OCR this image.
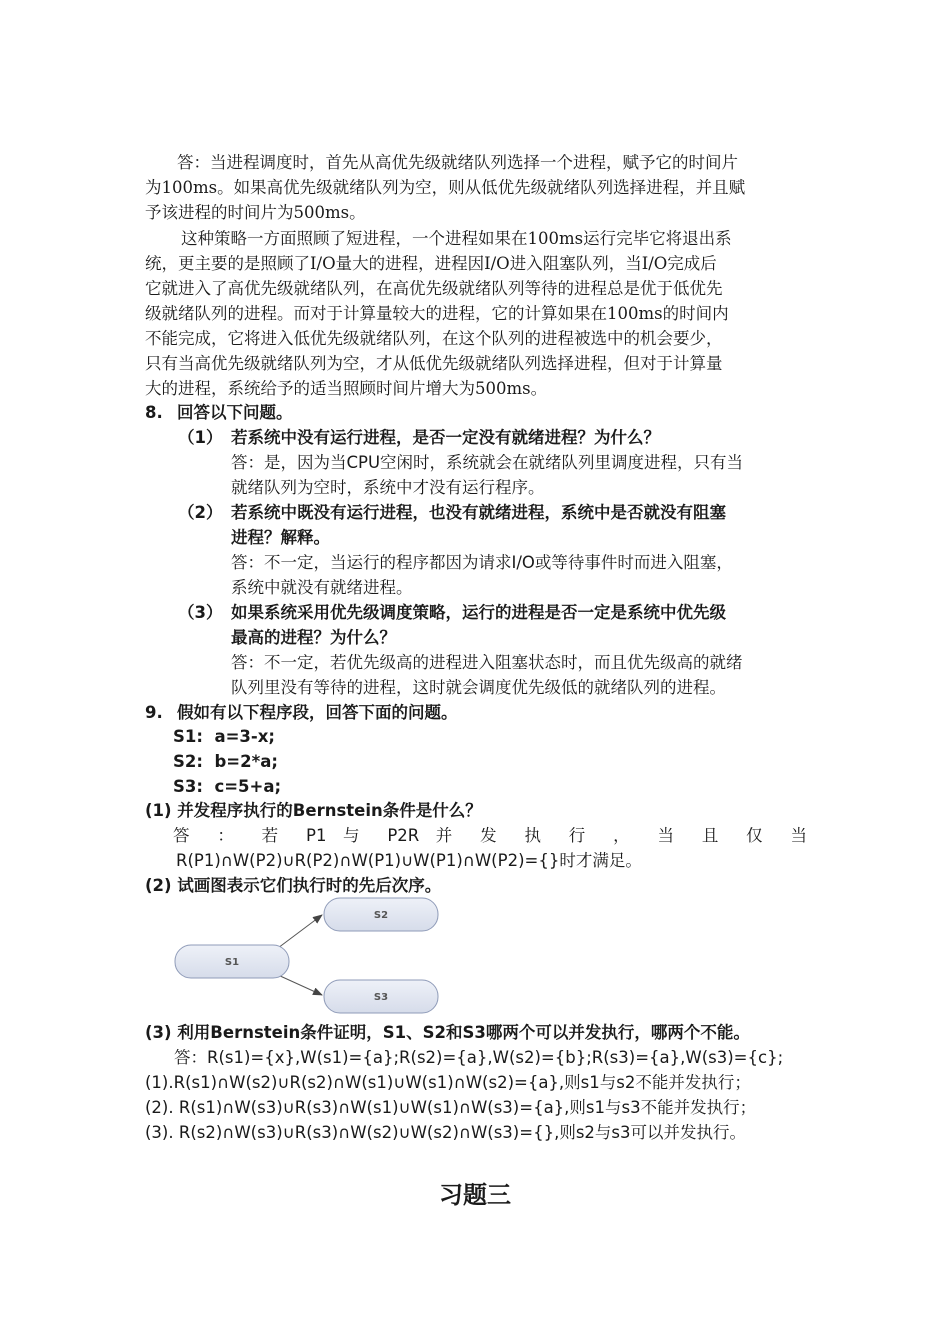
答：当进程调度时，首先从高优先级就绪队列选择一个进程，赋予它的时间片
为100ms。如果高优先级就绪队列为空，则从低优先级就绪队列选择进程，并且赋
予该进程的时间片为500ms。
这种策略一方面照顾了短进程，一个进程如果在100ms运行完毕它将退出系
统，更主要的是照顾了I/O量大的进程，进程因I/O进入阻塞队列，当I/O完成后
它就进入了高优先级就绪队列，在高优先级就绪队列等待的进程总是优于低优先
级就绪队列的进程。而对于计算量较大的进程，它的计算如果在100ms的时间内
不能完成，它将进入低优先级就绪队列，在这个队列的进程被选中的机会要少，
只有当高优先级就绪队列为空，才从低优先级就绪队列选择进程，但对于计算量
大的进程，系统给予的适当照顾时间片增大为500ms。
8. 回答以下问题。
（1） 若系统中没有运行进程，是否一定没有就绪进程？为什么？
答：是，因为当CPU空闲时，系统就会在就绪队列里调度进程，只有当
就绪队列为空时，系统中才没有运行程序。
（2） 若系统中既没有运行进程，也没有就绪进程，系统中是否就没有阻塞
进程？解释。
答：不一定，当运行的程序都因为请求I/O或等待事件时而进入阻塞，
系统中就没有就绪进程。
（3） 如果系统采用优先级调度策略，运行的进程是否一定是系统中优先级
最高的进程？为什么？
答：不一定，若优先级高的进程进入阻塞状态时，而且优先级高的就绪
队列里没有等待的进程，这时就会调度优先级低的就绪队列的进程。
9. 假如有以下程序段，回答下面的问题。
S1:  a=3-x;
S2:  b=2*a;
S3:  c=5+a;
(1) 并发程序执行的Bernstein条件是什么？
答 ： 若 P1 与 P2R 并 发 执 行 ， 当 且 仅 当
R(P1)∩W(P2)∪R(P2)∩W(P1)∪W(P1)∩W(P2)={}时才满足。
(2) 试画图表示它们执行时的先后次序。
S2
S1
S3
(3) 利用Bernstein条件证明，S1、S2和S3哪两个可以并发执行，哪两个不能。
答：R(s1)={x},W(s1)={a};R(s2)={a},W(s2)={b};R(s3)={a},W(s3)={c};
(1).R(s1)∩W(s2)∪R(s2)∩W(s1)∪W(s1)∩W(s2)={a},则s1与s2不能并发执行；
(2). R(s1)∩W(s3)∪R(s3)∩W(s1)∪W(s1)∩W(s3)={a},则s1与s3不能并发执行；
(3). R(s2)∩W(s3)∪R(s3)∩W(s2)∪W(s2)∩W(s3)={},则s2与s3可以并发执行。
习题三
